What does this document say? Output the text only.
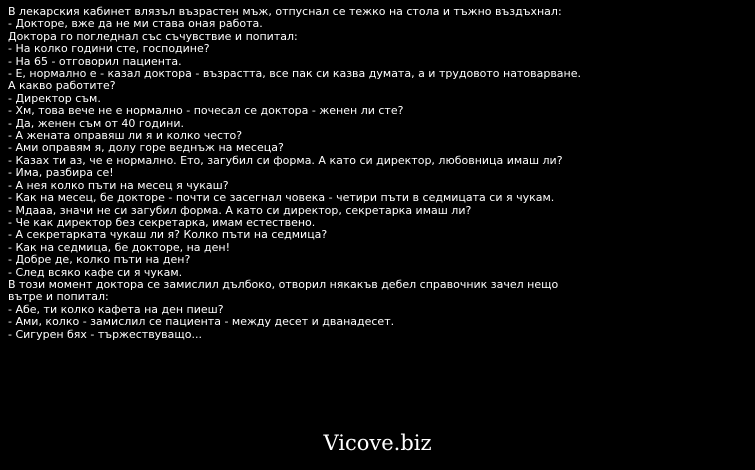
В лекарския кабинет влязъл възрастен мъж, отпуснал се тежко на стола и тъжно въздъхнал:
- Докторе, вже да не ми става оная работа.
Доктора го погледнал със съчувствие и попитал:
- На колко години сте, господине?
- На 65 - отговорил пациента.
- Е, нормално е - казал доктора - възрастта, все пак си казва думата, а и трудовото натоварване.
А какво работите?
- Директор съм.
- Хм, това вече не е нормално - почесал се доктора - женен ли сте?
- Да, женен съм от 40 години.
- А жената оправяш ли я и колко често?
- Ами оправям я, долу горе веднъж на месеца?
- Казах ти аз, че е нормално. Ето, загубил си форма. А като си директор, любовница имаш ли?
- Има, разбира се!
- А нея колко пъти на месец я чукаш?
- Как на месец, бе докторе - почти се засегнал човека - четири пъти в седмицата си я чукам.
- Мдааа, значи не си загубил форма. А като си директор, секретарка имаш ли?
- Че как директор без секретарка, имам естествено.
- А секретарката чукаш ли я? Колко пъти на седмица?
- Как на седмица, бе докторе, на ден!
- Добре де, колко пъти на ден?
- След всяко кафе си я чукам.
В този момент доктора се замислил дълбоко, отворил някакъв дебел справочник зачел нещо
вътре и попитал:
- Абе, ти колко кафета на ден пиеш?
- Ами, колко - замислил се пациента - между десет и дванадесет.
- Сигурен бях - тържествуващо...
Vicove.biz
